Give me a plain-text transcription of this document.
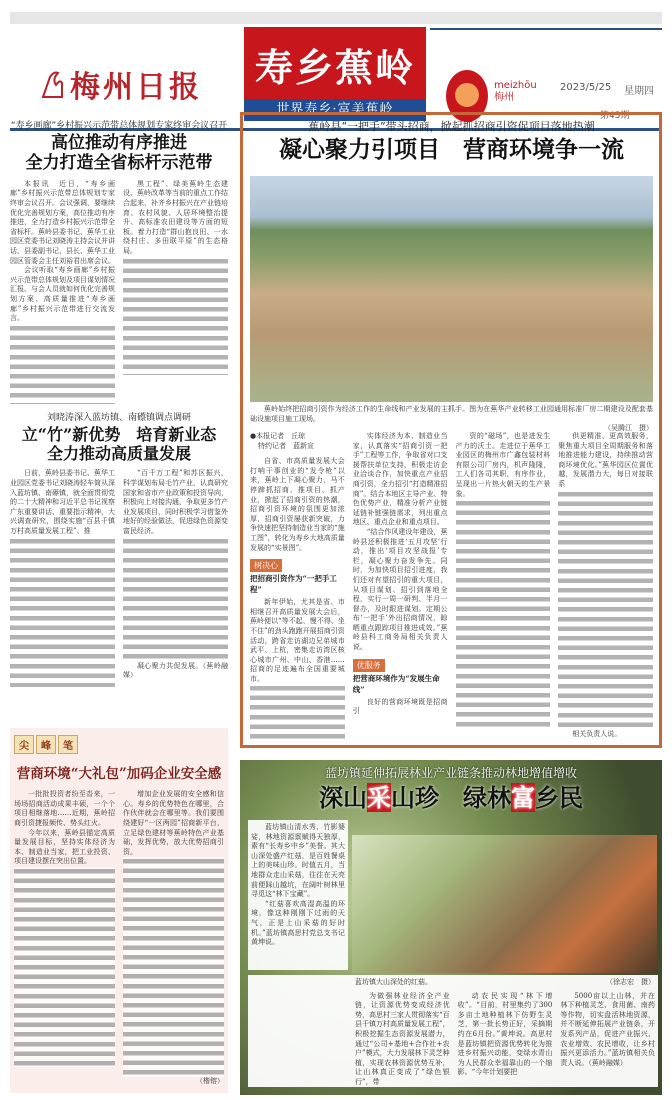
梅州日报 寿乡蕉岭
世界寿乡·富美蕉岭
meizhōu
梅州
2023/5/25 星期四
第45期
“寿乡画廊”乡村振兴示范带总体规划专家终审会议召开
高位推动有序推进
全力打造全省标杆示范带

本报讯　近日，“寿乡画廊”乡村振兴示范带总体规划专家终审会议召开。会议强调，要继续优化完善规划方案，高位推动有序推进，全力打造乡村振兴示范带全省标杆。蕉岭县委书记、蕉华工业园区党委书记刘晓涛主持会议并讲话，县委副书记、县长、蕉华工业园区管委会主任刘裕君出席会议。

会议听取“寿乡画廊”乡村振兴示范带总体规划及项目谋划情况汇报。与会人员就如何优化完善规划方案、高质量推进“寿乡画廊”乡村振兴示范带进行交流发言。

黑工程”、绿美蕉岭生态建设、蕉岭改革等当前的重点工作结合起来，补齐乡村振兴在产业链培育、农村风貌、人居环境整治提升、高标准农田建设等方面的短板。着力打造“群山抱良田、一水绕村庄、多田联平原”的生态格局。

刘晓涛深入蓝坊镇、南礤镇调点调研
立“竹”新优势　培育新业态
全力推动高质量发展

日前，蕉岭县委书记、蕉华工业园区党委书记刘晓涛轻车简从深入蓝坊镇、南礤镇，就全面贯彻党的二十大精神和习近平总书记视察广东重要讲话、重要指示精神，大兴调查研究，围绕实施“百县千镇万村高质量发展工程”、推

“百千万工程”和苏区振兴，科学谋划布局毛竹产业，认真研究国家和省市产业政策和投资导向，积极向上对接沟通，争取更多竹产业发展项目，同时积极学习借鉴外地好的经验做法，促进绿色资源变富民经济。

凝心聚力共促发展。（蕉岭融媒）

尖	峰	笔
营商环境“大礼包”加码企业安全感

一批批投资者纷至沓来，一场场招商活动成果丰硕，一个个项目相继落地……近期，蕉岭招商引资捷报频传、势头红火。

今年以来，蕉岭县锚定高质量发展目标，坚持实体经济为本、制造业当家，把工业投资、项目建设摆在突出位置。

增加企业发展的安全感和信心。寿乡的优势特色在哪里，合作伙伴就会在哪里等。我们要围绕建好“一区两园”招商新平台，立足绿色建材等蕉岭特色产业基础，发挥优势，放大优势招商引资。

（楷镕）

蕉岭县“一把手”带头招商，掀起抓招商引资促项目落地热潮
凝心聚力引项目　营商环境争一流

蕉岭始终把招商引资作为经济工作的生命线和产业发展的主抓手。图为在蕉华产业转移工业园通用标准厂房二期建设及配套基础设施项目施工现场。

（吴腾江　摄）

●本报记者　丘琼
特约记者　蓝新宣

自省、市高质量发展大会打响干事创业的“发令枪”以来，蕉岭上下凝心聚力，马不停蹄抓招商、推项目、抓产业，掀起了招商引资的热潮，招商引资环境的氛围更加浓厚，招商引资屡获新突破，力争快速把坚持制造业当家的“施工图”，转化为寿乡大地高质量发展的“实景图”。

树决心
把招商引资作为“一把手工程”

新年伊始，尤其是省、市相继召开高质量发展大会后，蕉岭便以“等不起、慢不得、坐不住”的劲头跑跑开展招商引资活动，跨省走访湖边兄弟城市武平、上杭，密集走访湾区核心城市广州、中山、香港……招商的足迹遍布全国重要城市。

实体经济为本、制造业当家，认真落实“招商引资一把手”工程等工作，争取省对口支援帮扶单位支持，积极走访企业洽谈合作，加快重点产业招商引资，全力招引“打造精准招商”。结合本地区主导产业、特色优势产业，精准分析产业链延链补链强链需求，列出重点地区、重点企业和重点项目。

“结合作风建设年建设，蕉岭县还积极推进‘五月攻坚’行动，推出‘项目攻坚战报’专栏，凝心聚力奋发争先。同时，为加快项目招引进度，我们还对有望招引的重大项目，从项目谋划、招引到落地全程，实行一周一研判、半月一督办，及时跟进谋划。定期公布‘一把手’外出招商情况，晾晒重点跟踪项目推进成效。”蕉岭县科工商务局相关负责人说。

优服务
把营商环境作为“发展生命线”

良好的营商环境既是招商引

资的“磁场”，也是进发生产力的沃土。走进位于蕉华工业园区的梅州市广鑫包装材料有限公司厂房内，机声隆隆，工人们各司其职，有序作业，呈现出一片热火朝天的生产景象。

供更精准、更高效服务，聚焦重大项目全周期服务和落地推进能力建设，持续推动营商环境优化。”蕉华园区位置优越，发展潜力大，每日对接联系

相关负责人说。

蓝坊镇延伸拓展林业产业链条推动林地增值增收
深山采山珍　绿林富乡民

蓝坊镇山清水秀、竹影婆娑，林地资源禀赋得天独厚，素有“长寿乡中乡”美誉。其大山深处盛产红菇，是百姓餐桌上的美味山珍。时值五月，当地群众走山采菇，往往在天亮前便踩山越坑，在阔叶树林里寻觅这“林下宝藏”。

“红菇喜欢高湿高温的环境，像这种刚刚下过雨的天气，正是上山采菇的好时机。”蓝坊镇高思村党总支书记黄坤说。

蓝坊镇大山深处的红菇。	（徐志宏　摄）

为做强林业经济全产业链，让资源优势变成经济优势，高思村三家人贯彻落实“百县千镇万村高质量发展工程”，积极挖掘生态资源发展潜力，通过“公司+基地+合作社+农户”模式，大力发展林下灵芝种植，实现农林资源优势互补，让山林真正变成了“绿色银行”，带

动农民实现“林下增收”。“目前，村里集约了300多亩土地种植林下仿野生灵芝，第一批长势正好，采摘期约在6月份。”黄坤说。高思村是蓝坊镇把资源优势转化为推进乡村振兴动能，变绿水青山为人民群众幸福靠山的一个缩影。“今年计划要把

5000亩以上山林，并在林下种植灵芝、食用菌、南药等作物，切实盘活林地资源，并不断延伸拓展产业链条，开发系列产品，促进产业振兴、农业增效、农民增收，让乡村振兴更添活力。”蓝坊镇相关负责人说。（蕉岭融媒）
